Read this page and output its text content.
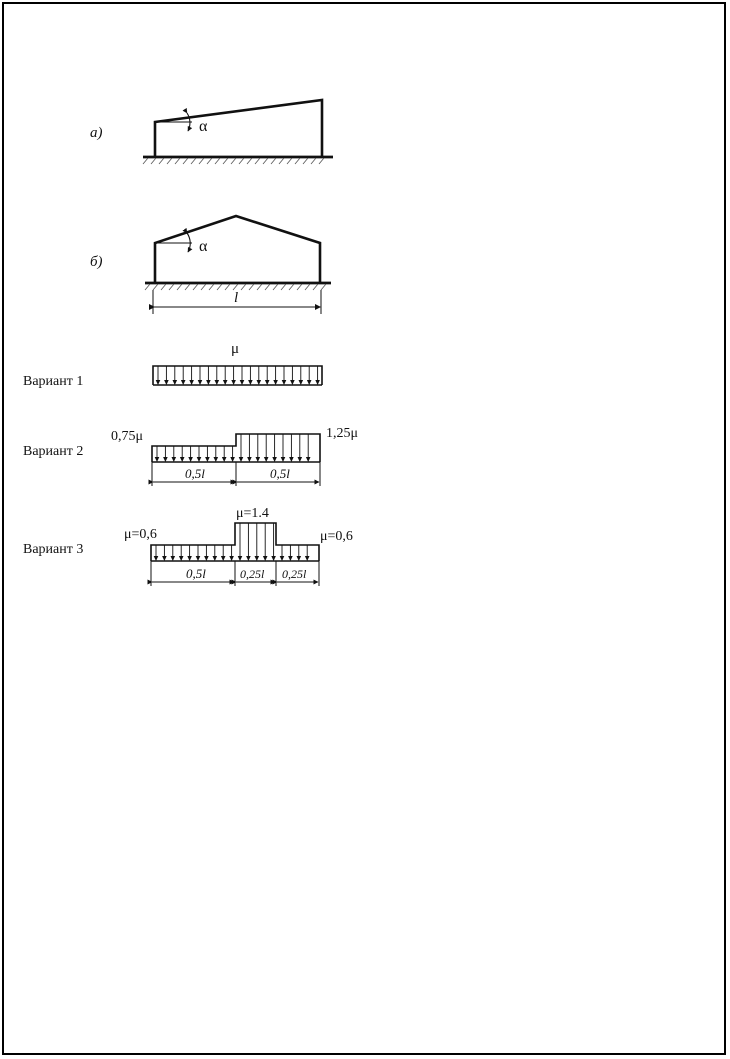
а)	α
б)
α
l
Вариант 1
μ
Вариант 2
0,75μ	1,25μ
0,5l	0,5l
Вариант 3
μ=0,6
μ=1.4
μ=0,6
0,5l	0,25l 0,25l
